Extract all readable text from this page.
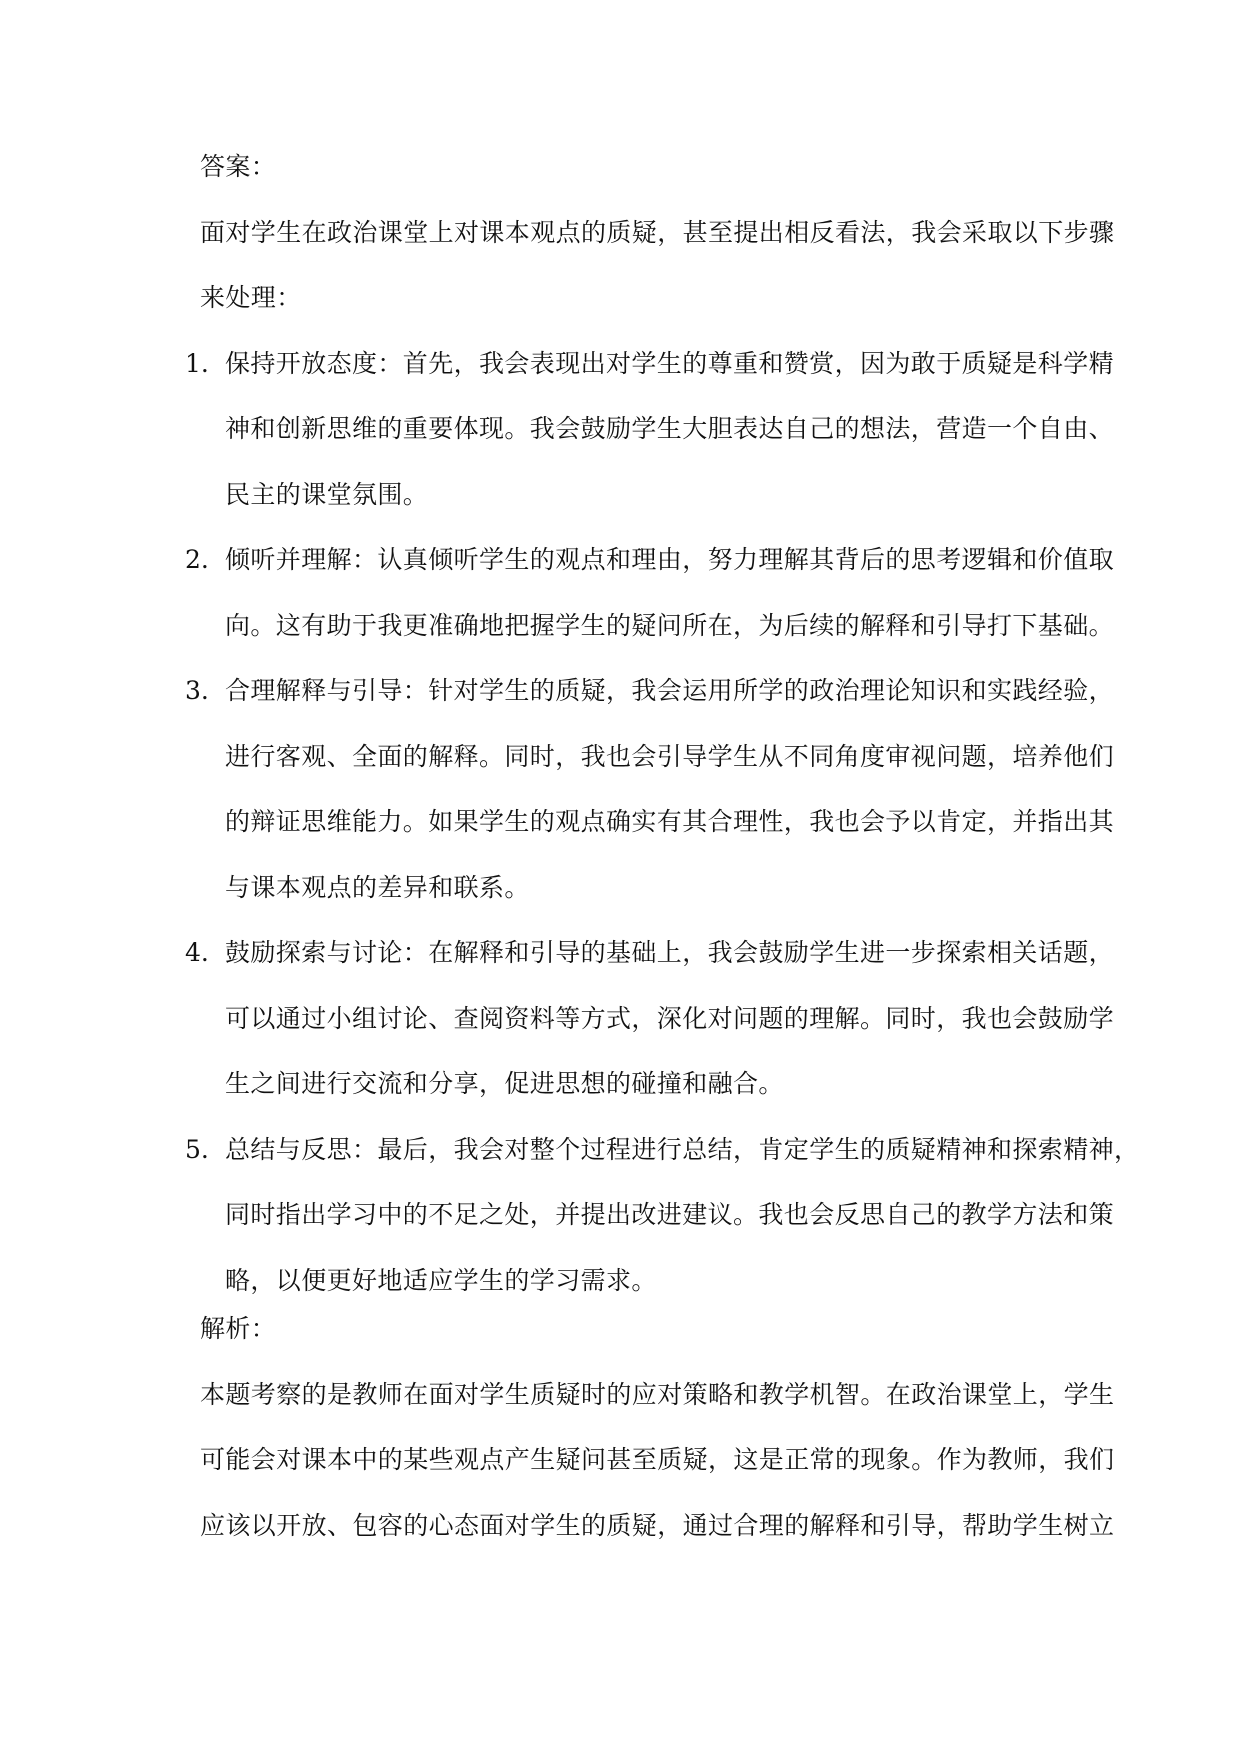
答案：
面对学生在政治课堂上对课本观点的质疑，甚至提出相反看法，我会采取以下步骤
来处理：
1. 保持开放态度：首先，我会表现出对学生的尊重和赞赏，因为敢于质疑是科学精
神和创新思维的重要体现。我会鼓励学生大胆表达自己的想法，营造一个自由、
民主的课堂氛围。
2. 倾听并理解：认真倾听学生的观点和理由，努力理解其背后的思考逻辑和价值取
向。这有助于我更准确地把握学生的疑问所在，为后续的解释和引导打下基础。
3. 合理解释与引导：针对学生的质疑，我会运用所学的政治理论知识和实践经验，
进行客观、全面的解释。同时，我也会引导学生从不同角度审视问题，培养他们
的辩证思维能力。如果学生的观点确实有其合理性，我也会予以肯定，并指出其
与课本观点的差异和联系。
4. 鼓励探索与讨论：在解释和引导的基础上，我会鼓励学生进一步探索相关话题，
可以通过小组讨论、查阅资料等方式，深化对问题的理解。同时，我也会鼓励学
生之间进行交流和分享，促进思想的碰撞和融合。
5. 总结与反思：最后，我会对整个过程进行总结，肯定学生的质疑精神和探索精神，
同时指出学习中的不足之处，并提出改进建议。我也会反思自己的教学方法和策
略，以便更好地适应学生的学习需求。
解析：
本题考察的是教师在面对学生质疑时的应对策略和教学机智。在政治课堂上，学生
可能会对课本中的某些观点产生疑问甚至质疑，这是正常的现象。作为教师，我们
应该以开放、包容的心态面对学生的质疑，通过合理的解释和引导，帮助学生树立
